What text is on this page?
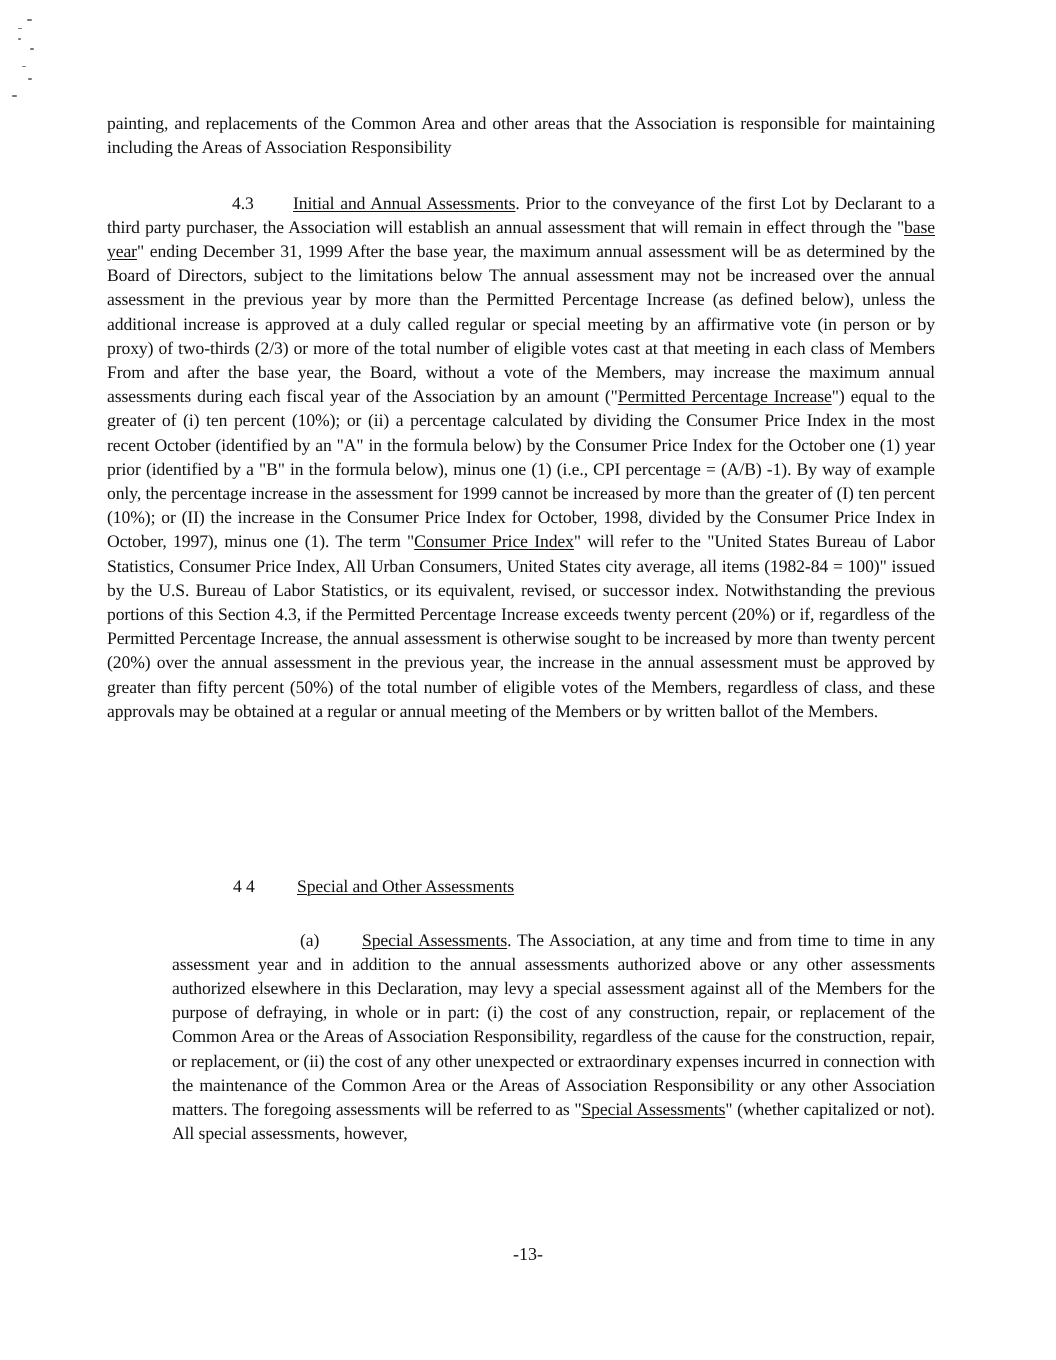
painting, and replacements of the Common Area and other areas that the Association is responsible for maintaining including the Areas of Association Responsibility

4.3 Initial and Annual Assessments. Prior to the conveyance of the first Lot by Declarant to a third party purchaser, the Association will establish an annual assessment that will remain in effect through the "base year" ending December 31, 1999 After the base year, the maximum annual assessment will be as determined by the Board of Directors, subject to the limitations below The annual assessment may not be increased over the annual assessment in the previous year by more than the Permitted Percentage Increase (as defined below), unless the additional increase is approved at a duly called regular or special meeting by an affirmative vote (in person or by proxy) of two-thirds (2/3) or more of the total number of eligible votes cast at that meeting in each class of Members From and after the base year, the Board, without a vote of the Members, may increase the maximum annual assessments during each fiscal year of the Association by an amount ("Permitted Percentage Increase") equal to the greater of (i) ten percent (10%); or (ii) a percentage calculated by dividing the Consumer Price Index in the most recent October (identified by an "A" in the formula below) by the Consumer Price Index for the October one (1) year prior (identified by a "B" in the formula below), minus one (1) (i.e., CPI percentage = (A/B) -1). By way of example only, the percentage increase in the assessment for 1999 cannot be increased by more than the greater of (I) ten percent (10%); or (II) the increase in the Consumer Price Index for October, 1998, divided by the Consumer Price Index in October, 1997), minus one (1). The term "Consumer Price Index" will refer to the "United States Bureau of Labor Statistics, Consumer Price Index, All Urban Consumers, United States city average, all items (1982-84 = 100)" issued by the U.S. Bureau of Labor Statistics, or its equivalent, revised, or successor index. Notwithstanding the previous portions of this Section 4.3, if the Permitted Percentage Increase exceeds twenty percent (20%) or if, regardless of the Permitted Percentage Increase, the annual assessment is otherwise sought to be increased by more than twenty percent (20%) over the annual assessment in the previous year, the increase in the annual assessment must be approved by greater than fifty percent (50%) of the total number of eligible votes of the Members, regardless of class, and these approvals may be obtained at a regular or annual meeting of the Members or by written ballot of the Members.

4 4 Special and Other Assessments

(a) Special Assessments. The Association, at any time and from time to time in any assessment year and in addition to the annual assessments authorized above or any other assessments authorized elsewhere in this Declaration, may levy a special assessment against all of the Members for the purpose of defraying, in whole or in part: (i) the cost of any construction, repair, or replacement of the Common Area or the Areas of Association Responsibility, regardless of the cause for the construction, repair, or replacement, or (ii) the cost of any other unexpected or extraordinary expenses incurred in connection with the maintenance of the Common Area or the Areas of Association Responsibility or any other Association matters. The foregoing assessments will be referred to as "Special Assessments" (whether capitalized or not). All special assessments, however,

-13-
